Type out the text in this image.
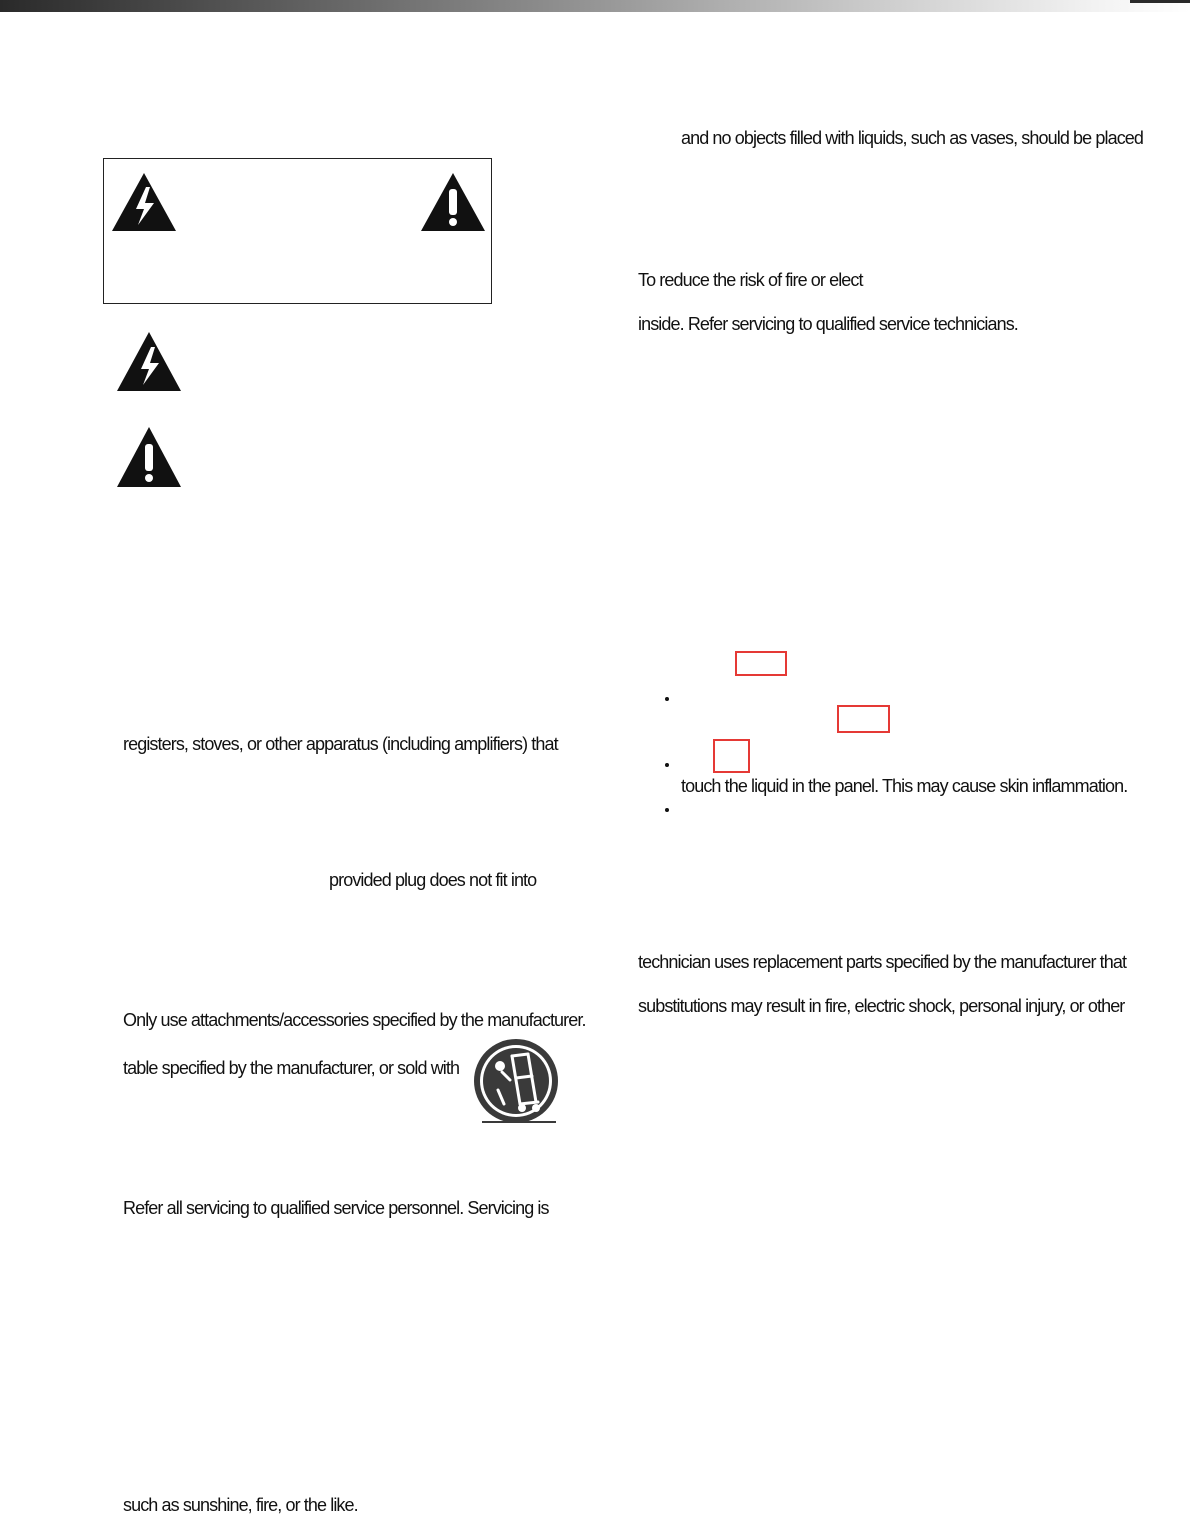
registers, stoves, or other apparatus (including amplifiers) that
provided plug does not fit into
Only use attachments/accessories specified by the manufacturer.
table specified by the manufacturer, or sold with
Refer all servicing to qualified service personnel. Servicing is
such as sunshine, fire, or the like.
and no objects filled with liquids, such as vases, should be placed
To reduce the risk of fire or elect
inside. Refer servicing to qualified service technicians.
touch the liquid in the panel. This may cause skin inflammation.
technician uses replacement parts specified by the manufacturer that
substitutions may result in fire, electric shock, personal injury, or other
